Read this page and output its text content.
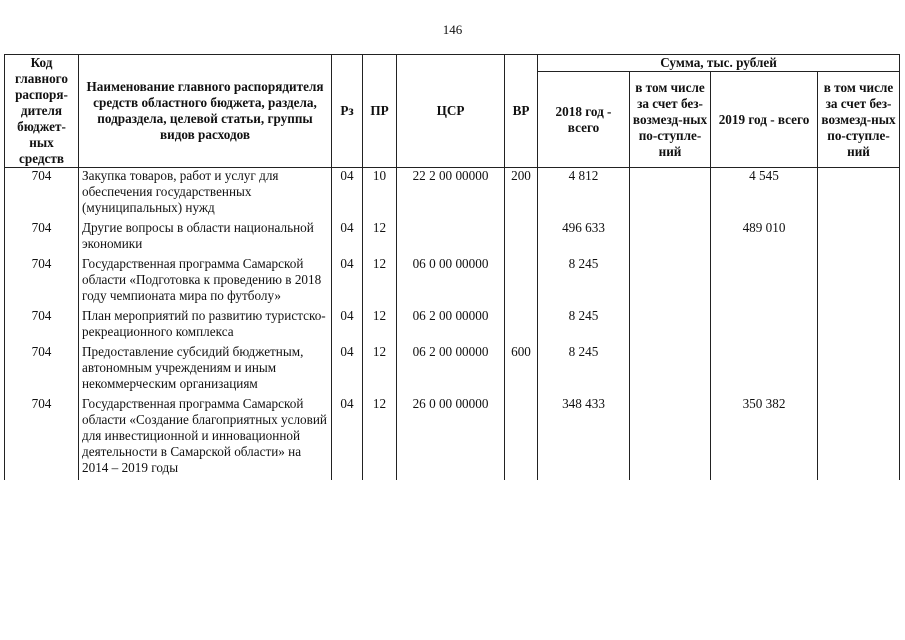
146
Код главного распоря-дителя бюджет-ных средств	Наименование главного распорядителя средств областного бюджета, раздела, подраздела, целевой статьи, группы видов расходов	Рз	ПР	ЦСР	ВР	Сумма, тыс. рублей			
						2018 год - всего	в том числе за счет без-возмезд-ных по-ступле-ний	2019 год - всего	в том числе за счет без-возмезд-ных по-ступле-ний
704	Закупка товаров, работ и услуг для обеспечения государственных (муниципальных) нужд	04	10	22 2 00 00000	200	4 812		4 545	
704	Другие вопросы в области национальной экономики	04	12			496 633		489 010	
704	Государственная программа Самарской области «Подготовка к проведению в 2018 году чемпионата мира по футболу»	04	12	06 0 00 00000		8 245			
704	План мероприятий по развитию туристско-рекреационного комплекса	04	12	06 2 00 00000		8 245			
704	Предоставление субсидий бюджетным, автономным учреждениям и иным некоммерческим организациям	04	12	06 2 00 00000	600	8 245			
704	Государственная программа Самарской области «Создание благоприятных условий для инвестиционной и инновационной деятельности в Самарской области» на 2014 – 2019 годы	04	12	26 0 00 00000		348 433		350 382	
